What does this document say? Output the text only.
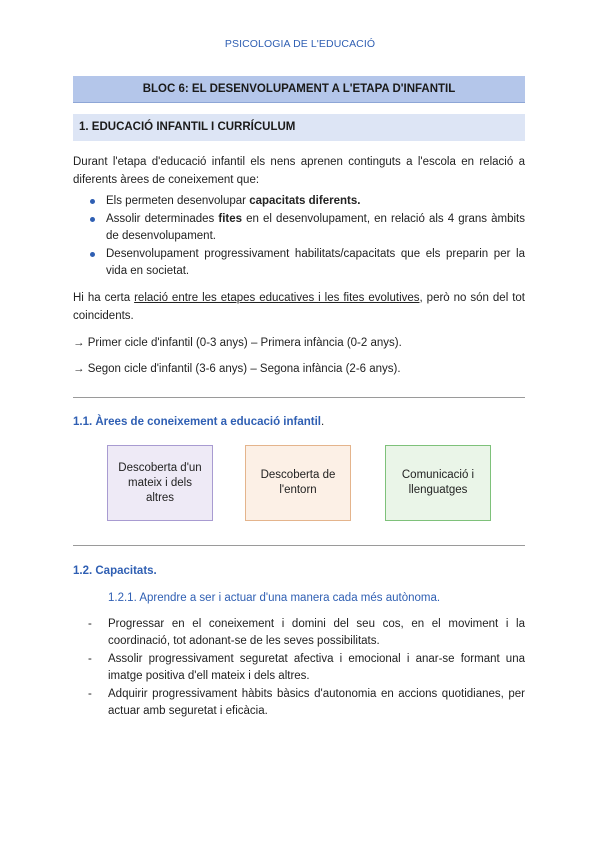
PSICOLOGIA DE L'EDUCACIÓ
BLOC 6: EL DESENVOLUPAMENT A L'ETAPA D'INFANTIL
1. EDUCACIÓ INFANTIL I CURRÍCULUM
Durant l'etapa d'educació infantil els nens aprenen continguts a l'escola en relació a diferents àrees de coneixement que:
Els permeten desenvolupar capacitats diferents.
Assolir determinades fites en el desenvolupament, en relació als 4 grans àmbits de desenvolupament.
Desenvolupament progressivament habilitats/capacitats que els preparin per la vida en societat.
Hi ha certa relació entre les etapes educatives i les fites evolutives, però no són del tot coincidents.
→ Primer cicle d'infantil (0-3 anys) – Primera infància (0-2 anys).
→ Segon cicle d'infantil (3-6 anys) – Segona infància (2-6 anys).
1.1. Àrees de coneixement a educació infantil.
Descoberta d'un mateix i dels altres
Descoberta de l'entorn
Comunicació i llenguatges
1.2. Capacitats.
1.2.1. Aprendre a ser i actuar d'una manera cada més autònoma.
- Progressar en el coneixement i domini del seu cos, en el moviment i la coordinació, tot adonant-se de les seves possibilitats.
- Assolir progressivament seguretat afectiva i emocional i anar-se formant una imatge positiva d'ell mateix i dels altres.
- Adquirir progressivament hàbits bàsics d'autonomia en accions quotidianes, per actuar amb seguretat i eficàcia.
